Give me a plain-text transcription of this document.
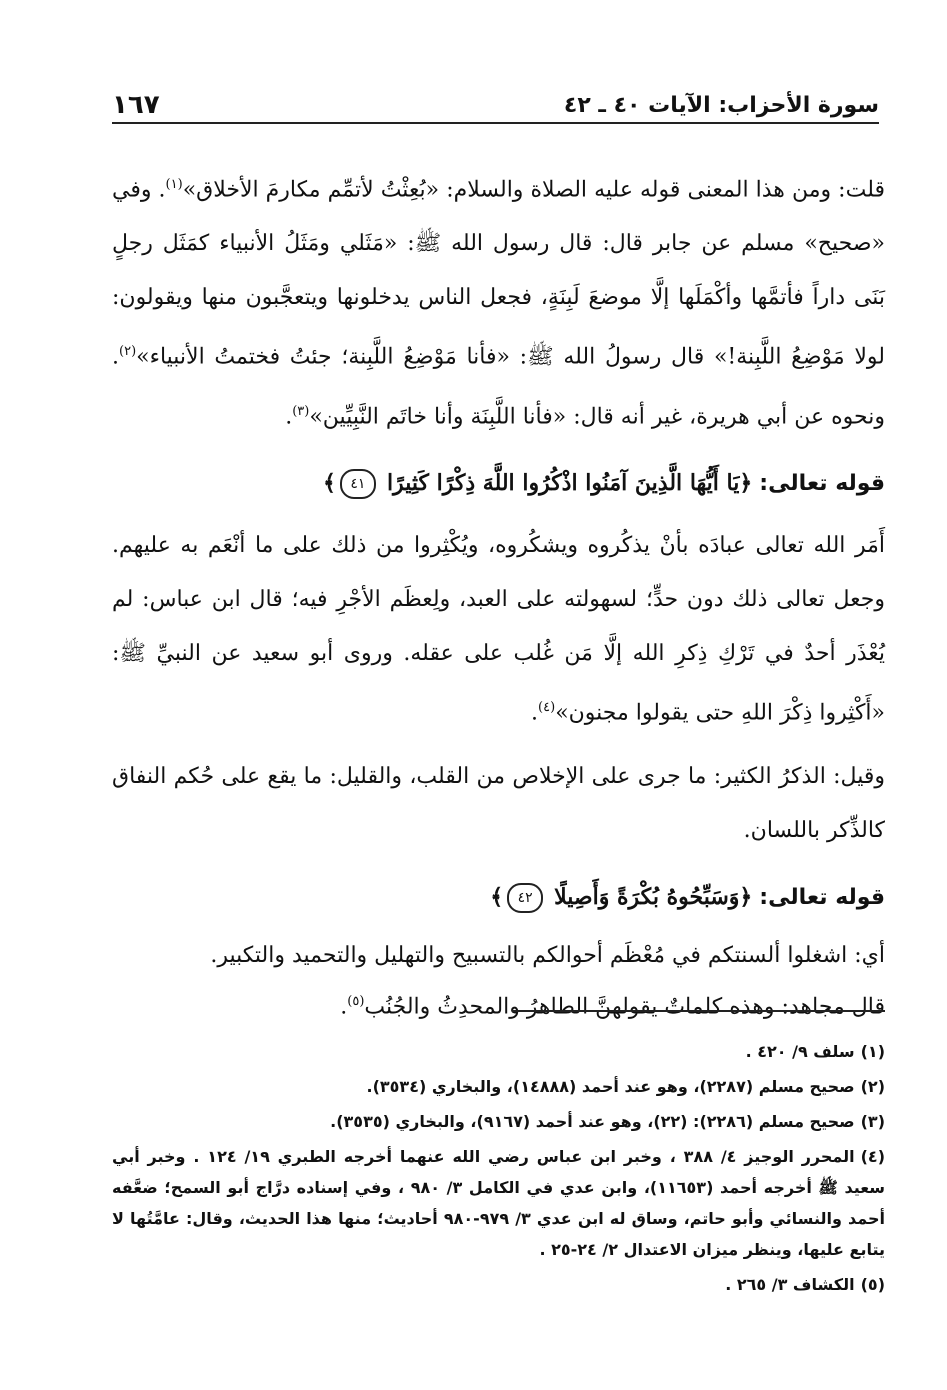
سورة الأحزاب: الآيات ٤٠ ـ ٤٢
١٦٧

قلت: ومن هذا المعنى قوله عليه الصلاة والسلام: «بُعِثْتُ لأتمِّم مكارمَ الأخلاق»$^{(١)}$. وفي «صحيح» مسلم عن جابر قال: قال رسول الله ﷺ: «مَثَلي ومَثَلُ الأنبياء كمَثَل رجلٍ بَنَى داراً فأتمَّها وأكْمَلَها إلَّا موضعَ لَبِنَةٍ، فجعل الناس يدخلونها ويتعجَّبون منها ويقولون: لولا مَوْضِعُ اللَّبِنة!» قال رسولُ الله ﷺ: «فأنا مَوْضِعُ اللَّبِنة؛ جئتُ فختمتُ الأنبياء»$^{(٢)}$. ونحوه عن أبي هريرة، غير أنه قال: «فأنا اللَّبِنَة وأنا خاتَم النَّبِيِّين»$^{(٣)}$.

قوله تعالى: ﴿يَا أَيُّهَا الَّذِينَ آمَنُوا اذْكُرُوا اللَّهَ ذِكْرًا كَثِيرًا ٤١﴾

أَمَر الله تعالى عبادَه بأنْ يذكُروه ويشكُروه، ويُكْثِروا من ذلك على ما أنْعَم به عليهم. وجعل تعالى ذلك دون حدٍّ؛ لسهولته على العبد، ولِعظَم الأجْرِ فيه؛ قال ابن عباس: لم يُعْذَر أحدٌ في تَرْكِ ذِكرِ الله إلَّا مَن غُلب على عقله. وروى أبو سعيد عن النبيِّ ﷺ: «أَكْثِروا ذِكْرَ اللهِ حتى يقولوا مجنون»$^{(٤)}$.

وقيل: الذكرُ الكثير: ما جرى على الإخلاص من القلب، والقليل: ما يقع على حُكم النفاق كالذِّكر باللسان.

قوله تعالى: ﴿وَسَبِّحُوهُ بُكْرَةً وَأَصِيلًا ٤٢﴾

أي: اشغلوا ألسنتكم في مُعْظَم أحوالكم بالتسبيح والتهليل والتحميد والتكبير.
قال مجاهد: وهذه كلماتٌ يقولهنَّ الطاهرُ والمحدِثُ والجُنُب$^{(٥)}$.

(١)سلف ٩/ ٤٢٠ .

(٢)صحيح مسلم (٢٢٨٧)، وهو عند أحمد (١٤٨٨٨)، والبخاري (٣٥٣٤).

(٣)صحيح مسلم (٢٢٨٦): (٢٢)، وهو عند أحمد (٩١٦٧)، والبخاري (٣٥٣٥).

(٤)المحرر الوجيز ٤/ ٣٨٨ ، وخبر ابن عباس رضي الله عنهما أخرجه الطبري ١٩/ ١٢٤ . وخبر أبي سعيد ﷺ أخرجه أحمد (١١٦٥٣)، وابن عدي في الكامل ٣/ ٩٨٠ ، وفي إسناده درَّاج أبو السمح؛ ضعَّفه أحمد والنسائي وأبو حاتم، وساق له ابن عدي ٣/ ٩٧٩-٩٨٠ أحاديث؛ منها هذا الحديث، وقال: عامَّتُها لا يتابع عليها، وينظر ميزان الاعتدال ٢/ ٢٤-٢٥ .

(٥)الكشاف ٣/ ٢٦٥ .
